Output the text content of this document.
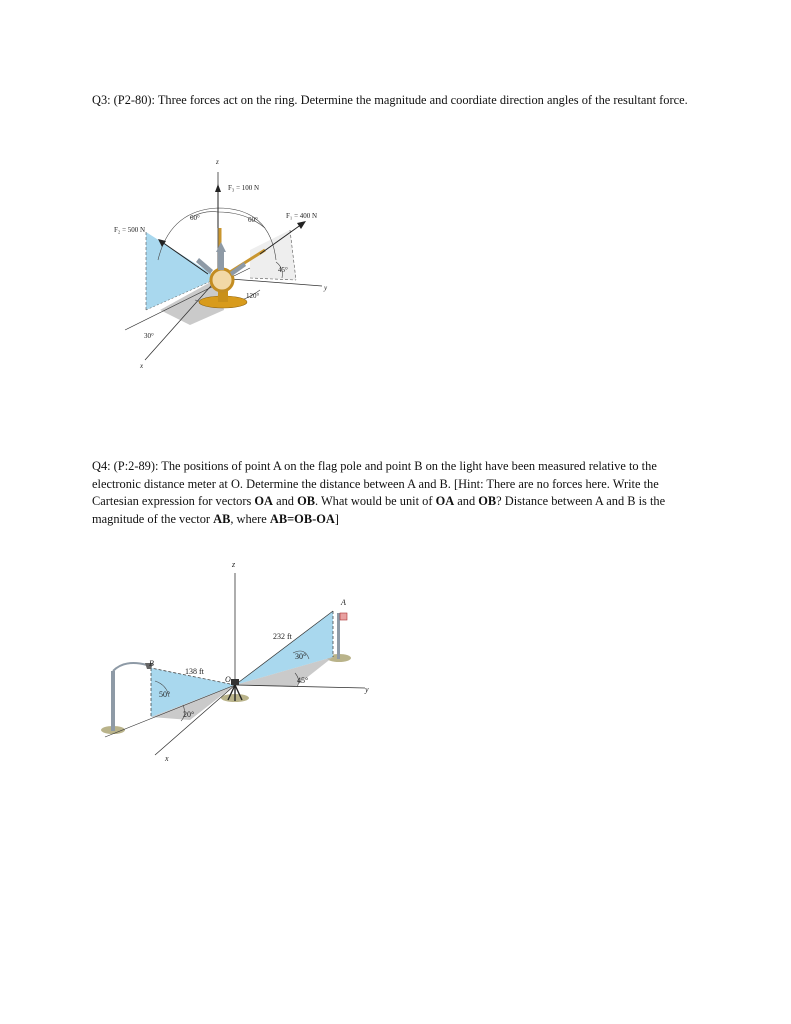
Q3: (P2-80): Three forces act on the ring. Determine the magnitude and coordiate direction angles of the resultant force.

z
y
x
F₃ = 100 N
F₁ = 400 N
F₂ = 500 N
60°	60°
45°
120°
30°

Q4: (P:2-89): The positions of point A on the flag pole and point B on the light have been measured relative to the electronic distance meter at O. Determine the distance between A and B. [Hint: There are no forces here. Write the Cartesian expression for vectors OA and OB. What would be unit of OA and OB? Distance between A and B is the magnitude of the vector AB, where AB=OB-OA]

z
y
x
A
B
O
232 ft
138 ft
30°
45°
50°
20°
